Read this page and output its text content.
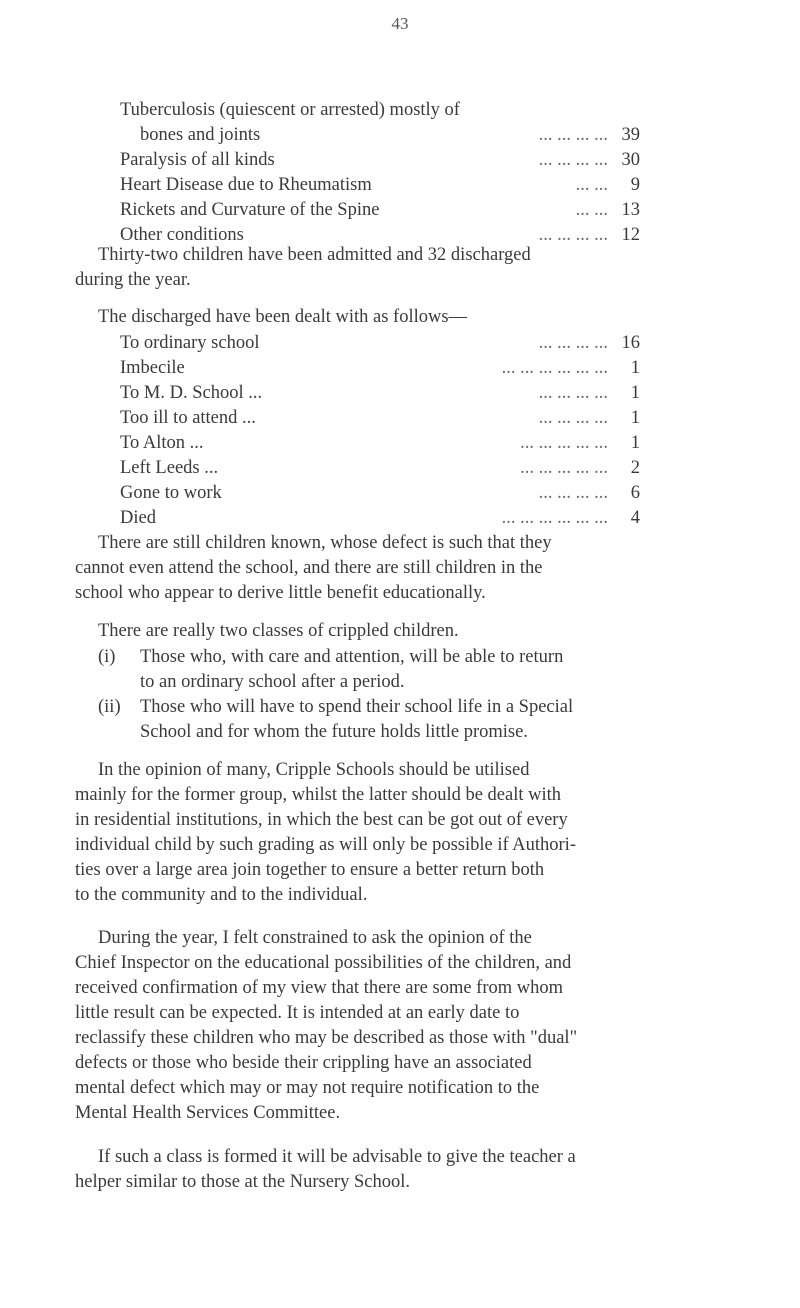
43
Tuberculosis (quiescent or arrested) mostly of
bones and joints	... ... ... ... 39
Paralysis of all kinds	... ... ... ... 30
Heart Disease due to Rheumatism	... ...	9
Rickets and Curvature of the Spine	... ... 13
Other conditions	... ... ... ... 12
Thirty-two children have been admitted and 32 discharged
during the year.
The discharged have been dealt with as follows—
To ordinary school	... ... ... ... 16
Imbecile	... ... ... ... ... ...	1
To M. D. School ...	... ... ... ...	1
Too ill to attend ...	... ... ... ...	1
To Alton ...	... ... ... ... ...	1
Left Leeds ...	... ... ... ... ...	2
Gone to work	... ... ... ...	6
Died	... ... ... ... ... ...	4
There are still children known, whose defect is such that they
cannot even attend the school, and there are still children in the
school who appear to derive little benefit educationally.
There are really two classes of crippled children.
(i) Those who, with care and attention, will be able to return
to an ordinary school after a period.
(ii) Those who will have to spend their school life in a Special
School and for whom the future holds little promise.
In the opinion of many, Cripple Schools should be utilised
mainly for the former group, whilst the latter should be dealt with
in residential institutions, in which the best can be got out of every
individual child by such grading as will only be possible if Authori-
ties over a large area join together to ensure a better return both
to the community and to the individual.
During the year, I felt constrained to ask the opinion of the
Chief Inspector on the educational possibilities of the children, and
received confirmation of my view that there are some from whom
little result can be expected. It is intended at an early date to
reclassify these children who may be described as those with "dual"
defects or those who beside their crippling have an associated
mental defect which may or may not require notification to the
Mental Health Services Committee.
If such a class is formed it will be advisable to give the teacher a
helper similar to those at the Nursery School.
